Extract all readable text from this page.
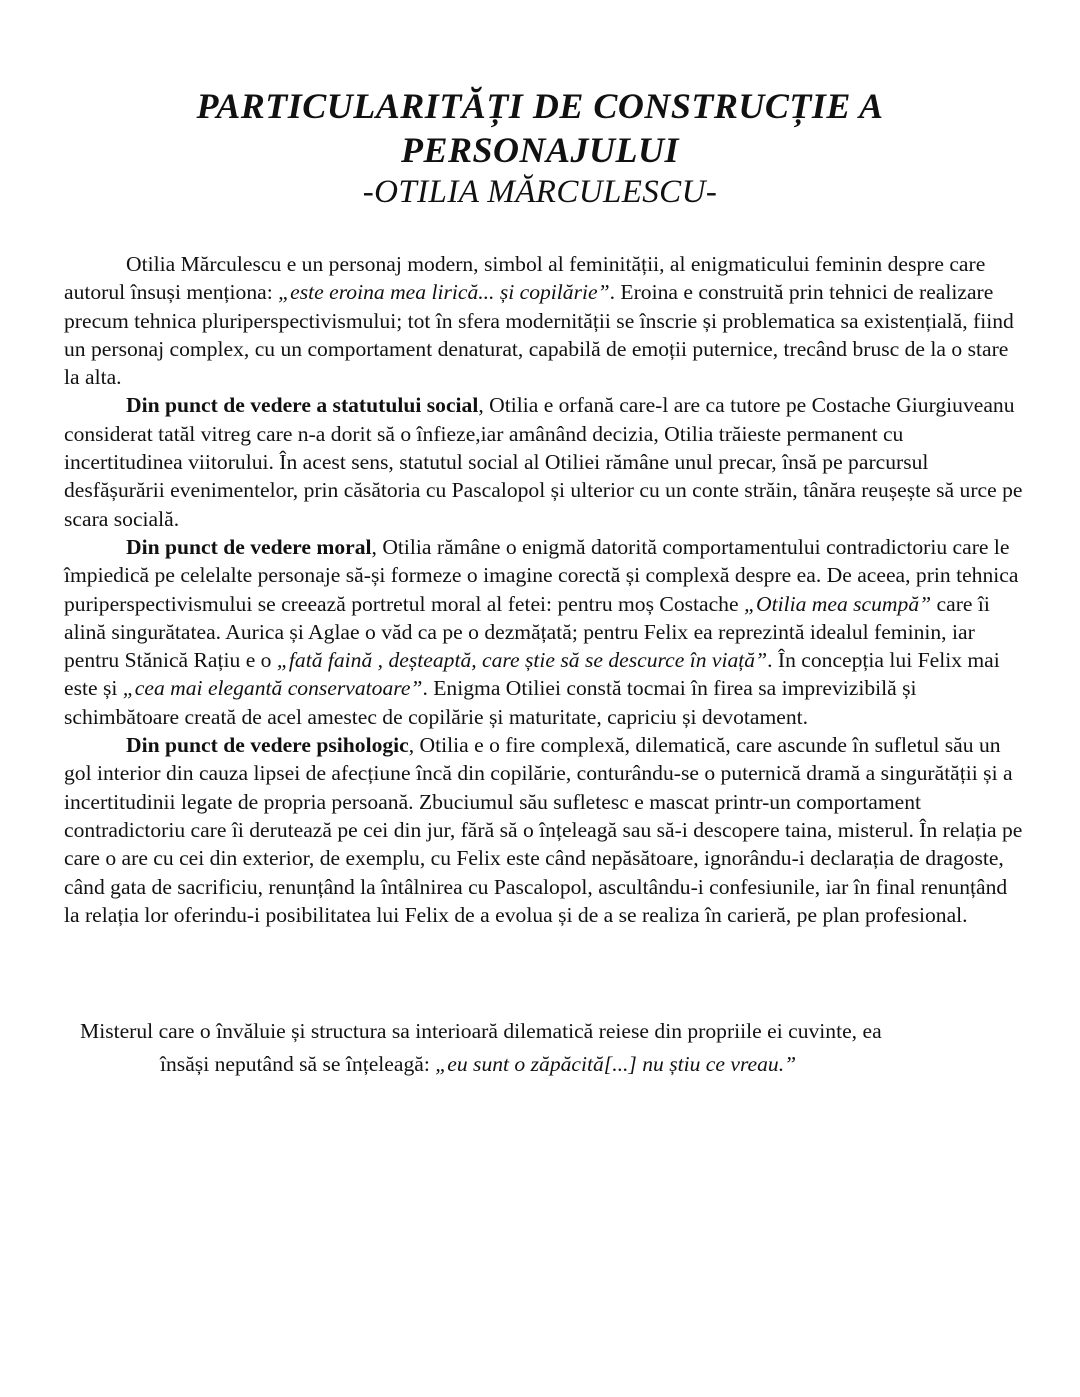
PARTICULARITĂȚI DE CONSTRUCȚIE A
PERSONAJULUI
-OTILIA MĂRCULESCU-

Otilia Mărculescu e un personaj modern, simbol al feminității, al enigmaticului feminin despre care autorul însuși menționa: „este eroina mea lirică... și copilărie”. Eroina e construită prin tehnici de realizare precum tehnica pluriperspectivismului; tot în sfera modernității se înscrie și problematica sa existențială, fiind un personaj complex, cu un comportament denaturat, capabilă de emoții puternice, trecând brusc de la o stare la alta.

Din punct de vedere a statutului social, Otilia e orfană care-l are ca tutore pe Costache Giurgiuveanu considerat tatăl vitreg care n-a dorit să o înfieze,iar amânând decizia, Otilia trăieste permanent cu incertitudinea viitorului. În acest sens, statutul social al Otiliei rămâne unul precar, însă pe parcursul desfășurării evenimentelor, prin căsătoria cu Pascalopol și ulterior cu un conte străin, tânăra reușește să urce pe scara socială.

Din punct de vedere moral, Otilia rămâne o enigmă datorită comportamentului contradictoriu care le împiedică pe celelalte personaje să-și formeze o imagine corectă și complexă despre ea. De aceea, prin tehnica puriperspectivismului se creează portretul moral al fetei: pentru moș Costache „Otilia mea scumpă” care îi alină singurătatea. Aurica și Aglae o văd ca pe o dezmățată; pentru Felix ea reprezintă idealul feminin, iar pentru Stănică Rațiu e o „fată faină , deșteaptă, care știe să se descurce în viață”. În concepția lui Felix mai este și „cea mai elegantă conservatoare”. Enigma Otiliei constă tocmai în firea sa imprevizibilă și schimbătoare creată de acel amestec de copilărie și maturitate, capriciu și devotament.

Din punct de vedere psihologic, Otilia e o fire complexă, dilematică, care ascunde în sufletul său un gol interior din cauza lipsei de afecțiune încă din copilărie, conturându-se o puternică dramă a singurătății și a incertitudinii legate de propria persoană. Zbuciumul său sufletesc e mascat printr-un comportament contradictoriu care îi derutează pe cei din jur, fără să o înțeleagă sau să-i descopere taina, misterul. În relația pe care o are cu cei din exterior, de exemplu, cu Felix este când nepăsătoare, ignorându-i declarația de dragoste, când gata de sacrificiu, renunțând la întâlnirea cu Pascalopol, ascultându-i confesiunile, iar în final renunțând la relația lor oferindu-i posibilitatea lui Felix de a evolua și de a se realiza în carieră, pe plan profesional.

Misterul care o învăluie și structura sa interioară dilematică reiese din propriile ei cuvinte, ea

însăși neputând să se înțeleagă: „eu sunt o zăpăcită[...] nu știu ce vreau.”
